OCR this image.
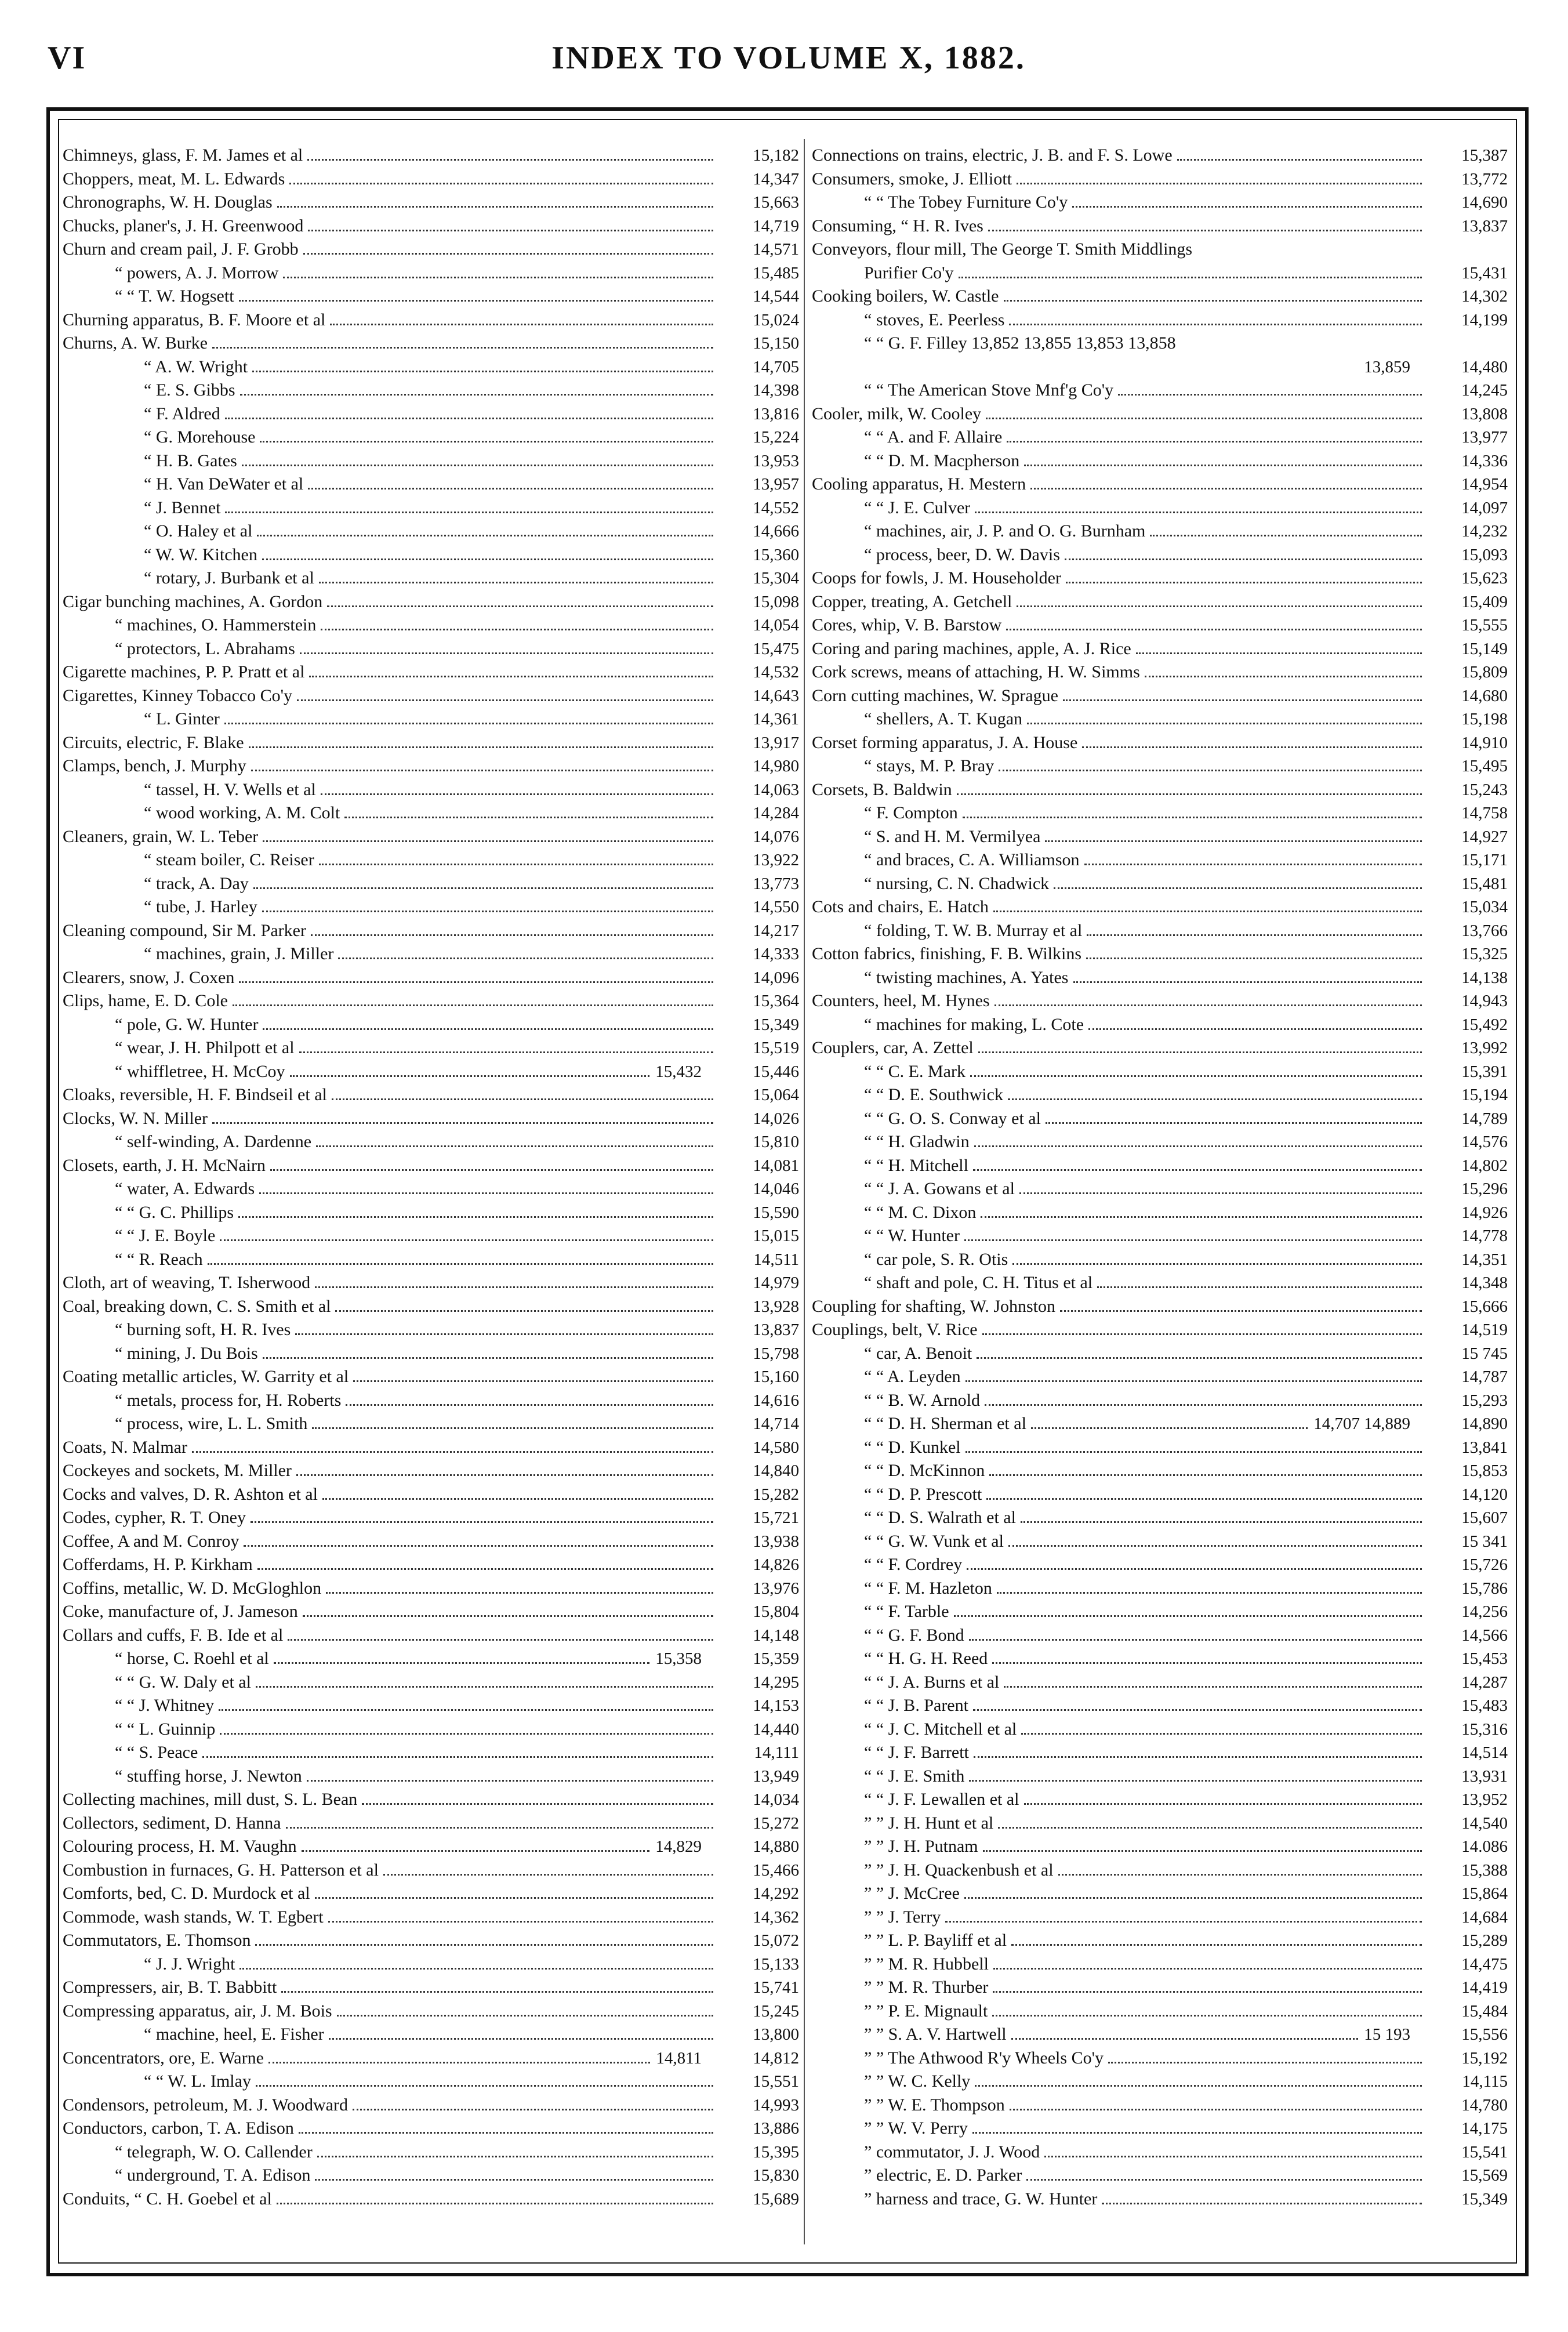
VI	INDEX TO VOLUME X, 1882.
Chimneys, glass, F. M. James et al	15,182
Choppers, meat, M. L. Edwards	14,347
Chronographs, W. H. Douglas	15,663
Chucks, planer's, J. H. Greenwood	14,719
Churn and cream pail, J. F. Grobb	14,571
“ powers, A. J. Morrow	15,485
“ “ T. W. Hogsett	14,544
Churning apparatus, B. F. Moore et al	15,024
Churns, A. W. Burke	15,150
“ A. W. Wright	14,705
“ E. S. Gibbs	14,398
“ F. Aldred	13,816
“ G. Morehouse	15,224
“ H. B. Gates	13,953
“ H. Van DeWater et al	13,957
“ J. Bennet	14,552
“ O. Haley et al	14,666
“ W. W. Kitchen	15,360
“ rotary, J. Burbank et al	15,304
Cigar bunching machines, A. Gordon	15,098
“ machines, O. Hammerstein	14,054
“ protectors, L. Abrahams	15,475
Cigarette machines, P. P. Pratt et al	14,532
Cigarettes, Kinney Tobacco Co'y	14,643
“ L. Ginter	14,361
Circuits, electric, F. Blake	13,917
Clamps, bench, J. Murphy	14,980
“ tassel, H. V. Wells et al	14,063
“ wood working, A. M. Colt	14,284
Cleaners, grain, W. L. Teber	14,076
“ steam boiler, C. Reiser	13,922
“ track, A. Day	13,773
“ tube, J. Harley	14,550
Cleaning compound, Sir M. Parker	14,217
“ machines, grain, J. Miller	14,333
Clearers, snow, J. Coxen	14,096
Clips, hame, E. D. Cole	15,364
“ pole, G. W. Hunter	15,349
“ wear, J. H. Philpott et al	15,519
“ whiffletree, H. McCoy	15,432	15,446
Cloaks, reversible, H. F. Bindseil et al	15,064
Clocks, W. N. Miller	14,026
“ self-winding, A. Dardenne	15,810
Closets, earth, J. H. McNairn	14,081
“ water, A. Edwards	14,046
“ “ G. C. Phillips	15,590
“ “ J. E. Boyle	15,015
“ “ R. Reach	14,511
Cloth, art of weaving, T. Isherwood	14,979
Coal, breaking down, C. S. Smith et al	13,928
“ burning soft, H. R. Ives	13,837
“ mining, J. Du Bois	15,798
Coating metallic articles, W. Garrity et al	15,160
“ metals, process for, H. Roberts	14,616
“ process, wire, L. L. Smith	14,714
Coats, N. Malmar	14,580
Cockeyes and sockets, M. Miller	14,840
Cocks and valves, D. R. Ashton et al	15,282
Codes, cypher, R. T. Oney	15,721
Coffee, A and M. Conroy	13,938
Cofferdams, H. P. Kirkham	14,826
Coffins, metallic, W. D. McGloghlon	13,976
Coke, manufacture of, J. Jameson	15,804
Collars and cuffs, F. B. Ide et al	14,148
“ horse, C. Roehl et al	15,358	15,359
“ “ G. W. Daly et al	14,295
“ “ J. Whitney	14,153
“ “ L. Guinnip	14,440
“ “ S. Peace	14,111
“ stuffing horse, J. Newton	13,949
Collecting machines, mill dust, S. L. Bean	14,034
Collectors, sediment, D. Hanna	15,272
Colouring process, H. M. Vaughn	14,829	14,880
Combustion in furnaces, G. H. Patterson et al	15,466
Comforts, bed, C. D. Murdock et al	14,292
Commode, wash stands, W. T. Egbert	14,362
Commutators, E. Thomson	15,072
“ J. J. Wright	15,133
Compressers, air, B. T. Babbitt	15,741
Compressing apparatus, air, J. M. Bois	15,245
“ machine, heel, E. Fisher	13,800
Concentrators, ore, E. Warne	14,811	14,812
“ “ W. L. Imlay	15,551
Condensors, petroleum, M. J. Woodward	14,993
Conductors, carbon, T. A. Edison	13,886
“ telegraph, W. O. Callender	15,395
“ underground, T. A. Edison	15,830
Conduits, “ C. H. Goebel et al	15,689
Connections on trains, electric, J. B. and F. S. Lowe	15,387
Consumers, smoke, J. Elliott	13,772
“ “ The Tobey Furniture Co'y	14,690
Consuming, “ H. R. Ives	13,837
Conveyors, flour mill, The George T. Smith Middlings
Purifier Co'y	15,431
Cooking boilers, W. Castle	14,302
“ stoves, E. Peerless	14,199
“ “ G. F. Filley 13,852 13,855 13,853 13,858
13,859	14,480
“ “ The American Stove Mnf'g Co'y	14,245
Cooler, milk, W. Cooley	13,808
“ “ A. and F. Allaire	13,977
“ “ D. M. Macpherson	14,336
Cooling apparatus, H. Mestern	14,954
“ “ J. E. Culver	14,097
“ machines, air, J. P. and O. G. Burnham	14,232
“ process, beer, D. W. Davis	15,093
Coops for fowls, J. M. Householder	15,623
Copper, treating, A. Getchell	15,409
Cores, whip, V. B. Barstow	15,555
Coring and paring machines, apple, A. J. Rice	15,149
Cork screws, means of attaching, H. W. Simms	15,809
Corn cutting machines, W. Sprague	14,680
“ shellers, A. T. Kugan	15,198
Corset forming apparatus, J. A. House	14,910
“ stays, M. P. Bray	15,495
Corsets, B. Baldwin	15,243
“ F. Compton	14,758
“ S. and H. M. Vermilyea	14,927
“ and braces, C. A. Williamson	15,171
“ nursing, C. N. Chadwick	15,481
Cots and chairs, E. Hatch	15,034
“ folding, T. W. B. Murray et al	13,766
Cotton fabrics, finishing, F. B. Wilkins	15,325
“ twisting machines, A. Yates	14,138
Counters, heel, M. Hynes	14,943
“ machines for making, L. Cote	15,492
Couplers, car, A. Zettel	13,992
“ “ C. E. Mark	15,391
“ “ D. E. Southwick	15,194
“ “ G. O. S. Conway et al	14,789
“ “ H. Gladwin	14,576
“ “ H. Mitchell	14,802
“ “ J. A. Gowans et al	15,296
“ “ M. C. Dixon	14,926
“ “ W. Hunter	14,778
“ car pole, S. R. Otis	14,351
“ shaft and pole, C. H. Titus et al	14,348
Coupling for shafting, W. Johnston	15,666
Couplings, belt, V. Rice	14,519
“ car, A. Benoit	15 745
“ “ A. Leyden	14,787
“ “ B. W. Arnold	15,293
“ “ D. H. Sherman et al	14,707 14,889	14,890
“ “ D. Kunkel	13,841
“ “ D. McKinnon	15,853
“ “ D. P. Prescott	14,120
“ “ D. S. Walrath et al	15,607
“ “ G. W. Vunk et al	15 341
“ “ F. Cordrey	15,726
“ “ F. M. Hazleton	15,786
“ “ F. Tarble	14,256
“ “ G. F. Bond	14,566
“ “ H. G. H. Reed	15,453
“ “ J. A. Burns et al	14,287
“ “ J. B. Parent	15,483
“ “ J. C. Mitchell et al	15,316
“ “ J. F. Barrett	14,514
“ “ J. E. Smith	13,931
“ “ J. F. Lewallen et al	13,952
” ” J. H. Hunt et al	14,540
” ” J. H. Putnam	14.086
” ” J. H. Quackenbush et al	15,388
” ” J. McCree	15,864
” ” J. Terry	14,684
” ” L. P. Bayliff et al	15,289
” ” M. R. Hubbell	14,475
” ” M. R. Thurber	14,419
” ” P. E. Mignault	15,484
” ” S. A. V. Hartwell	15 193	15,556
” ” The Athwood R'y Wheels Co'y	15,192
” ” W. C. Kelly	14,115
” ” W. E. Thompson	14,780
” ” W. V. Perry	14,175
” commutator, J. J. Wood	15,541
” electric, E. D. Parker	15,569
” harness and trace, G. W. Hunter	15,349
